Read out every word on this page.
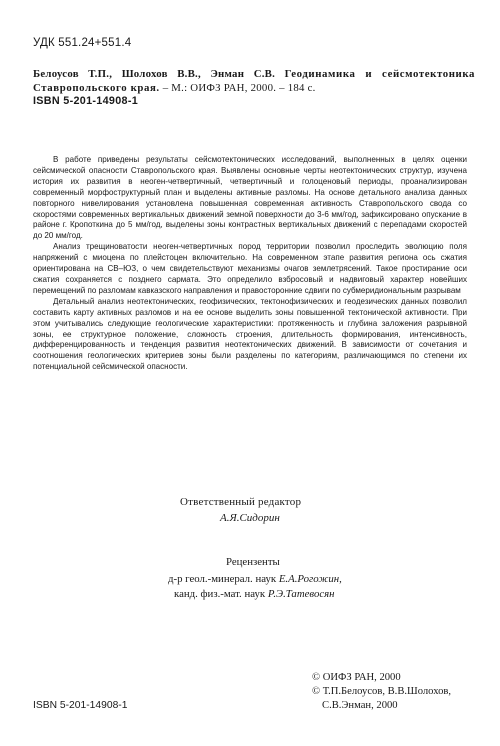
УДК 551.24+551.4
Белоусов Т.П., Шолохов В.В., Энман С.В. Геодинамика и сейсмотектоника Ставропольского края. – М.: ОИФЗ РАН, 2000. – 184 с.
ISBN 5-201-14908-1

В работе приведены результаты сейсмотектонических исследований, выполненных в целях оценки сейсмической опасности Ставропольского края. Выявлены основные черты неотектонических структур, изучена история их развития в неоген-четвертичный, четвертичный и голоценовый периоды, проанализирован современный морфоструктурный план и выделены активные разломы. На основе детального анализа данных повторного нивелирования установлена повышенная современная активность Ставропольского свода со скоростями современных вертикальных движений земной поверхности до 3-6 мм/год, зафиксировано опускание в районе г. Кропоткина до 5 мм/год, выделены зоны контрастных вертикальных движений с перепадами скоростей до 20 мм/год.

Анализ трещиноватости неоген-четвертичных пород территории позволил проследить эволюцию поля напряжений с миоцена по плейстоцен включительно. На современном этапе развития региона ось сжатия ориентирована на СВ–ЮЗ, о чем свидетельствуют механизмы очагов землетрясений. Такое простирание оси сжатия сохраняется с позднего сармата. Это определило взбросовый и надвиговый характер новейших перемещений по разломам кавказского направления и правосторонние сдвиги по субмеридиональным разрывам

Детальный анализ неотектонических, геофизических, тектонофизических и геодезических данных позволил составить карту активных разломов и на ее основе выделить зоны повышенной тектонической активности. При этом учитывались следующие геологические характеристики: протяженность и глубина заложения разрывной зоны, ее структурное положение, сложность строения, длительность формирования, интенсивность, дифференцированность и тенденция развития неотектонических движений. В зависимости от сочетания и соотношения геологических критериев зоны были разделены по категориям, различающимся по степени их потенциальной сейсмической опасности.

Ответственный редактор
А.Я.Сидорин
Рецензенты
д-р геол.-минерал. наук Е.А.Рогожин,
канд. физ.-мат. наук Р.Э.Татевосян
ISBN 5-201-14908-1
© ОИФЗ РАН, 2000
© Т.П.Белоусов, В.В.Шолохов,
С.В.Энман, 2000
